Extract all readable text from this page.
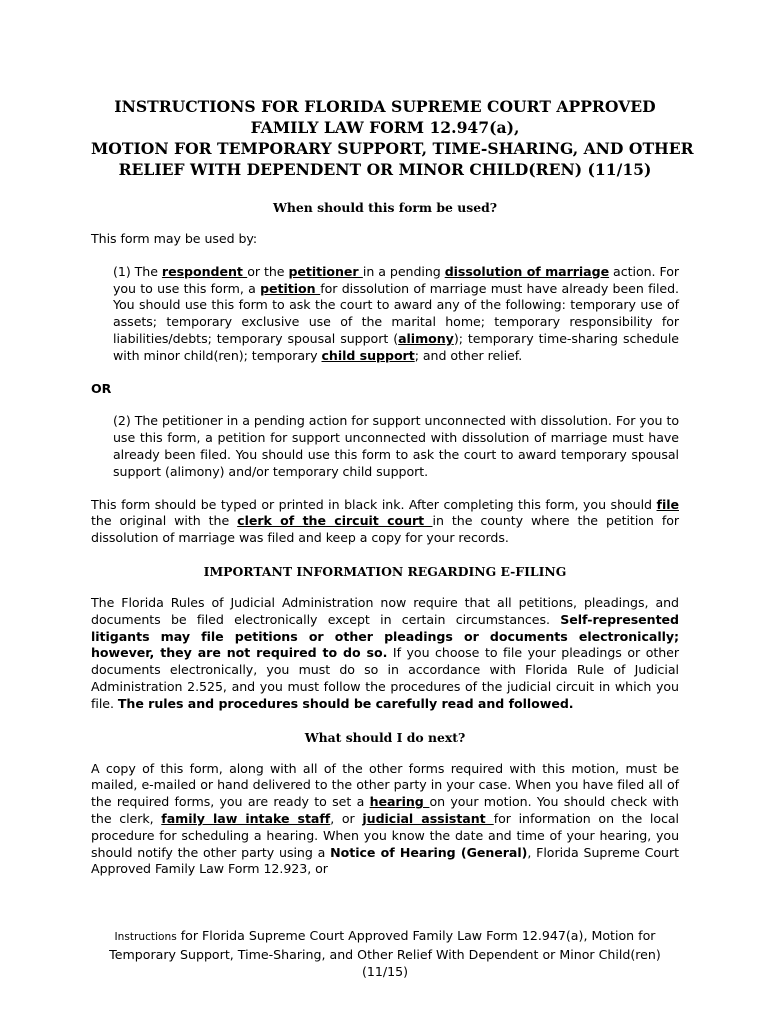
INSTRUCTIONS FOR FLORIDA SUPREME COURT APPROVED
FAMILY LAW FORM 12.947(a),
MOTION FOR TEMPORARY SUPPORT, TIME-SHARING, AND OTHER
RELIEF WITH DEPENDENT OR MINOR CHILD(REN) (11/15)
When should this form be used?

This form may be used by:

(1) The respondent or the petitioner in a pending dissolution of marriage action. For you to use this form, a petition for dissolution of marriage must have already been filed. You should use this form to ask the court to award any of the following: temporary use of assets; temporary exclusive use of the marital home; temporary responsibility for liabilities/debts; temporary spousal support (alimony); temporary time-sharing schedule with minor child(ren); temporary child support; and other relief.

OR

(2) The petitioner in a pending action for support unconnected with dissolution. For you to use this form, a petition for support unconnected with dissolution of marriage must have already been filed. You should use this form to ask the court to award temporary spousal support (alimony) and/or temporary child support.

This form should be typed or printed in black ink. After completing this form, you should file the original with the clerk of the circuit court in the county where the petition for dissolution of marriage was filed and keep a copy for your records.

IMPORTANT INFORMATION REGARDING E-FILING

The Florida Rules of Judicial Administration now require that all petitions, pleadings, and documents be filed electronically except in certain circumstances. Self-represented litigants may file petitions or other pleadings or documents electronically; however, they are not required to do so. If you choose to file your pleadings or other documents electronically, you must do so in accordance with Florida Rule of Judicial Administration 2.525, and you must follow the procedures of the judicial circuit in which you file. The rules and procedures should be carefully read and followed.

What should I do next?

A copy of this form, along with all of the other forms required with this motion, must be mailed, e-mailed or hand delivered to the other party in your case. When you have filed all of the required forms, you are ready to set a hearing on your motion. You should check with the clerk, family law intake staff, or judicial assistant for information on the local procedure for scheduling a hearing. When you know the date and time of your hearing, you should notify the other party using a Notice of Hearing (General), Florida Supreme Court Approved Family Law Form 12.923, or

Instructions for Florida Supreme Court Approved Family Law Form 12.947(a), Motion for Temporary Support, Time-Sharing, and Other Relief With Dependent or Minor Child(ren) (11/15)
